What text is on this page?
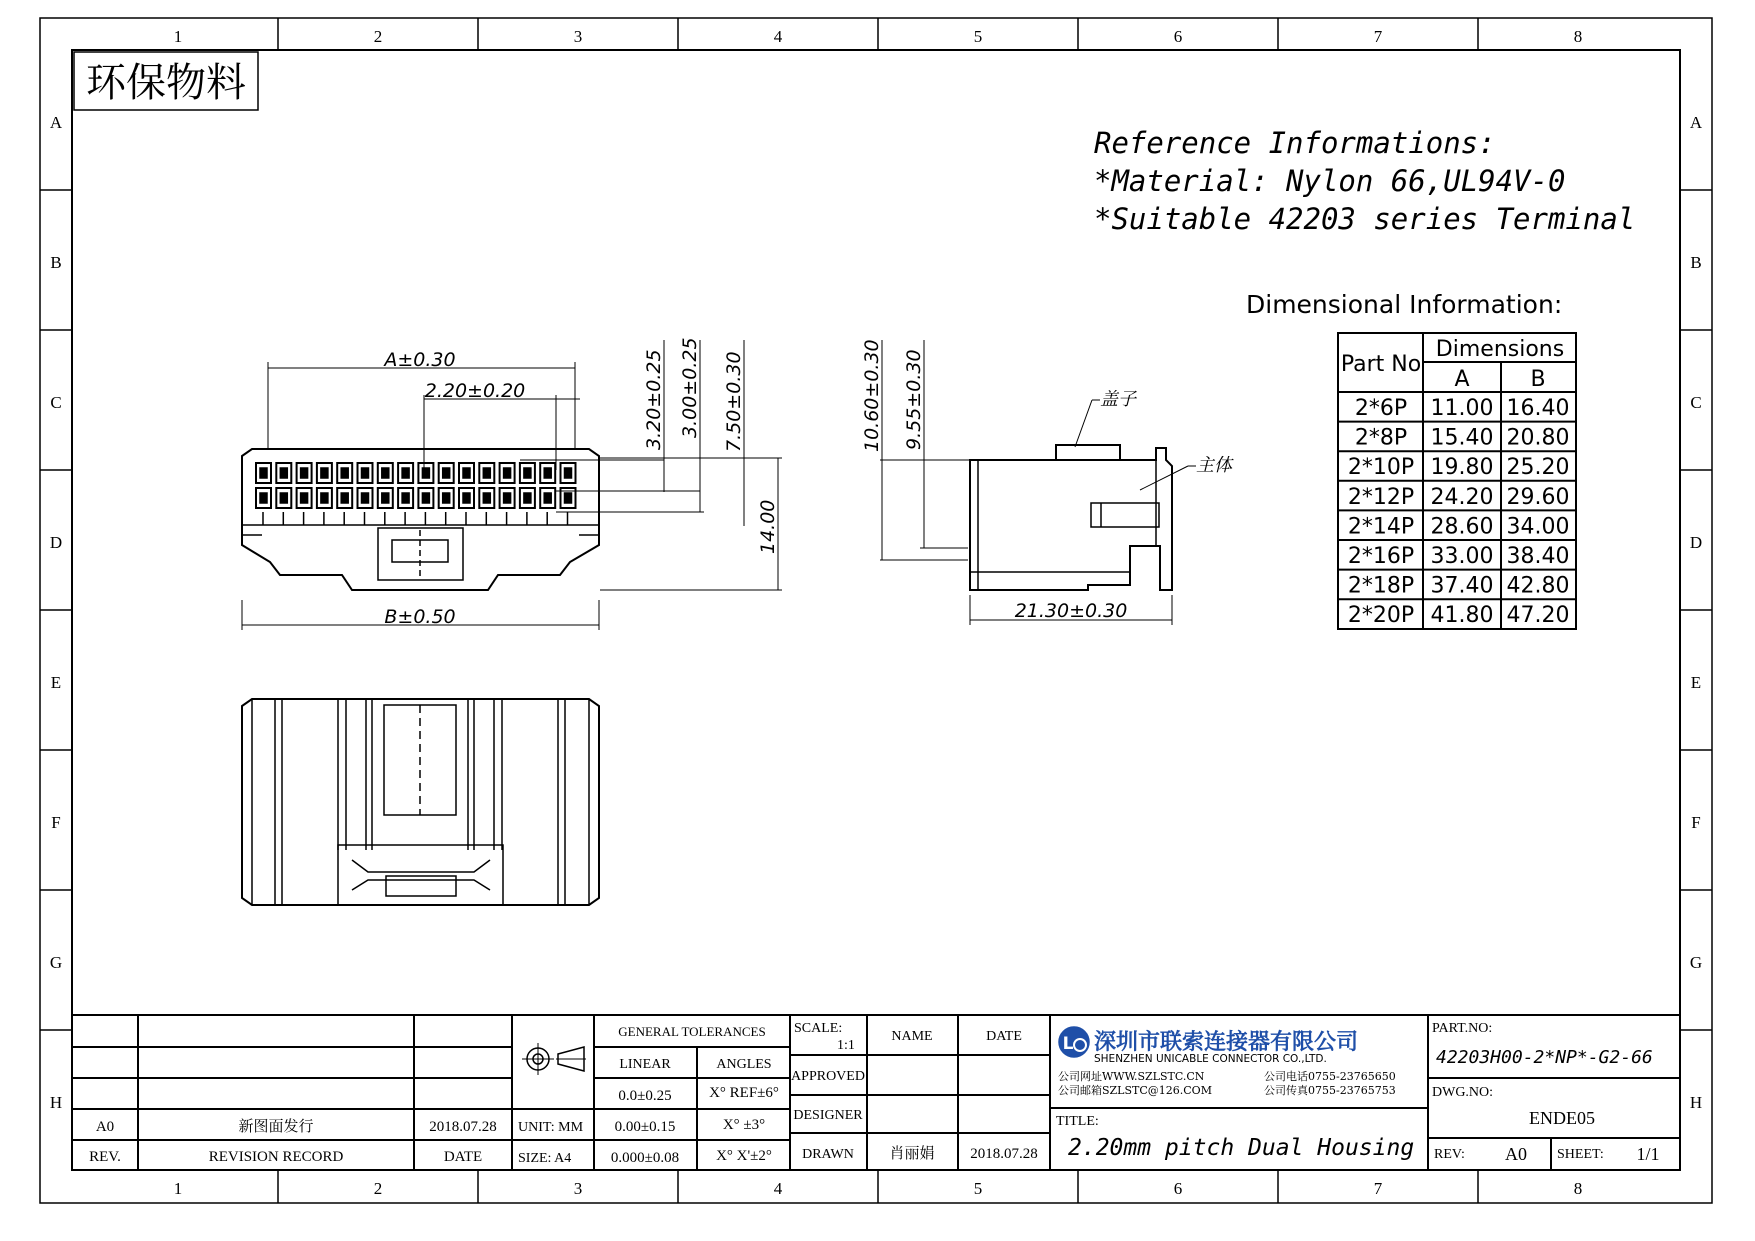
1	2	3	4	5	6	7	8
1	2	3	4	5	6	7	8
A
B
C
D
E
F
G
H
A
B
C
D
E
F
G
H
环保物料
Reference Informations:
*Material: Nylon 66,UL94V-0
*Suitable 42203 series Terminal
Dimensional Information:
Part No
Dimensions
A	B
2*6P 11.00 16.40
2*8P 15.40 20.80
2*10P 19.80 25.20
2*12P 24.20 29.60
2*14P 28.60 34.00
2*16P 33.00 38.40
2*18P 37.40 42.80
2*20P 41.80 47.20
A±0.30
2.20±0.20
B±0.50
3.20±0.25 3.00±0.25 7.50±0.30
14.00
10.60±0.30 9.55±0.30
21.30±0.30
盖子
主体
L
A0	新图面发行	2018.07.28
REV.	REVISION RECORD	DATE
GENERAL TOLERANCES
LINEAR	ANGLES
0.0±0.25 X° REF±6°
0.00±0.15	X° ±3°
0.000±0.08 X° X'±2°
UNIT: MM
SIZE: A4
SCALE:
1:1
NAME	DATE
APPROVED
DESIGNER
DRAWN 肖丽娟 2018.07.28
深圳市联索连接器有限公司
SHENZHEN UNICABLE CONNECTOR CO.,LTD.
公司网址WWW.SZLSTC.CN
公司邮箱SZLSTC@126.COM
公司电话0755-23765650
公司传真0755-23765753
TITLE:
2.20mm pitch Dual Housing
PART.NO:
42203H00-2*NP*-G2-66
DWG.NO:
ENDE05
REV: A0 SHEET: 1/1
